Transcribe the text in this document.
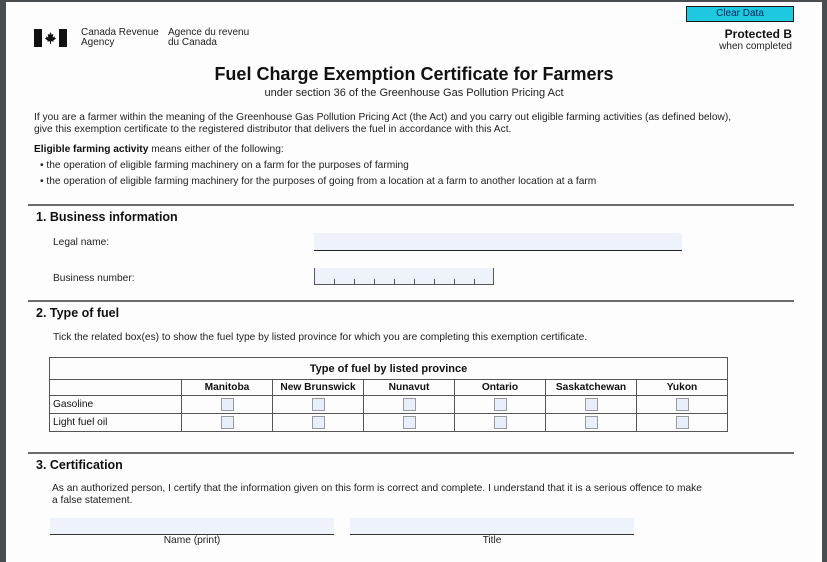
Canada Revenue
Agency
Agence du revenu
du Canada
Clear Data
Protected B
when completed
Fuel Charge Exemption Certificate for Farmers
under section 36 of the Greenhouse Gas Pollution Pricing Act
If you are a farmer within the meaning of the Greenhouse Gas Pollution Pricing Act (the Act) and you carry out eligible farming activities (as defined below),
give this exemption certificate to the registered distributor that delivers the fuel in accordance with this Act.
Eligible farming activity means either of the following:
• the operation of eligible farming machinery on a farm for the purposes of farming
• the operation of eligible farming machinery for the purposes of going from a location at a farm to another location at a farm
1. Business information
Legal name:
Business number:
2. Type of fuel
Tick the related box(es) to show the fuel type by listed province for which you are completing this exemption certificate.
Type of fuel by listed province						
	Manitoba	New Brunswick	Nunavut	Ontario	Saskatchewan	Yukon
Gasoline						
Light fuel oil						
3. Certification
As an authorized person, I certify that the information given on this form is correct and complete. I understand that it is a serious offence to make
a false statement.
Name (print)	Title
